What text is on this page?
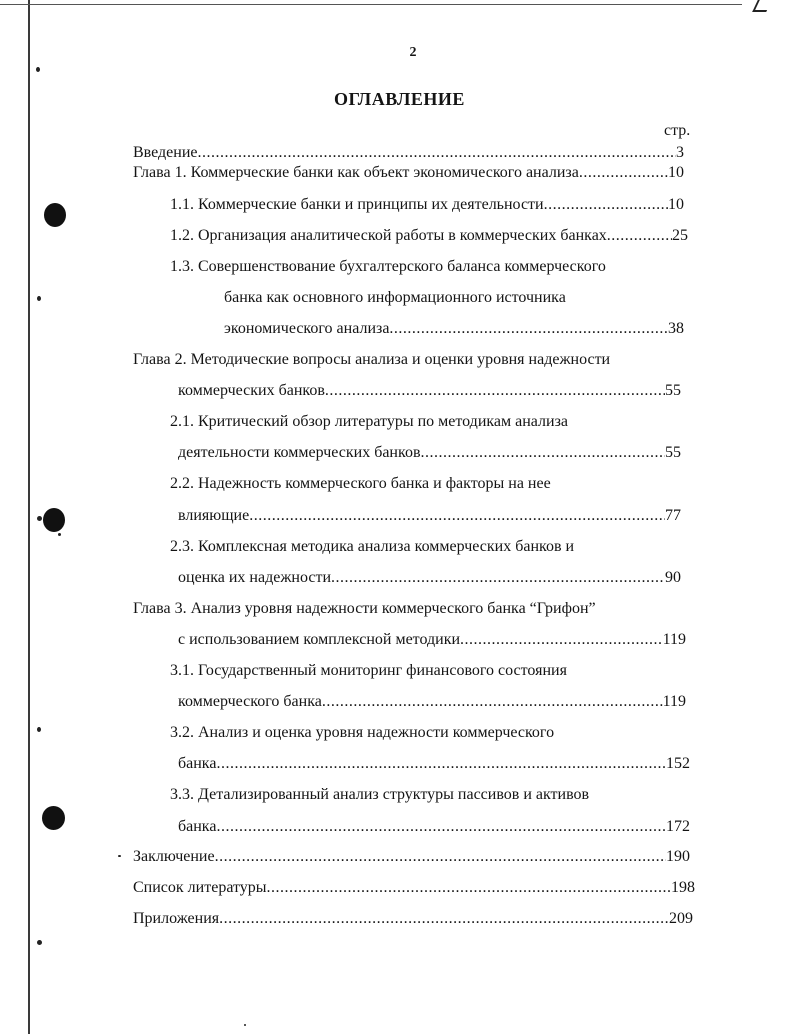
2
ОГЛАВЛЕНИЕ
стр.
Введение .....	3
Глава 1. Коммерческие банки как объект экономического анализа .....	10
1.1. Коммерческие банки и принципы их деятельности .....	10
1.2. Организация аналитической работы в коммерческих банках .....	25
1.3. Совершенствование бухгалтерского баланса коммерческого
банка как основного информационного источника
экономического анализа .....	38
Глава 2. Методические вопросы анализа и оценки уровня надежности
коммерческих банков .....	55
2.1. Критический обзор литературы по методикам анализа
деятельности коммерческих банков .....	55
2.2. Надежность коммерческого банка и факторы на нее
влияющие .....	77
2.3. Комплексная методика анализа коммерческих банков и
оценка их надежности .....	90
Глава 3. Анализ уровня надежности коммерческого банка “Грифон”
с использованием комплексной методики .....	119
3.1. Государственный мониторинг финансового состояния
коммерческого банка .....	119
3.2. Анализ и оценка уровня надежности коммерческого
банка .....	152
3.3. Детализированный анализ структуры пассивов и активов
банка .....	172
Заключение .....	190
Список литературы .....	198
Приложения .....	209
